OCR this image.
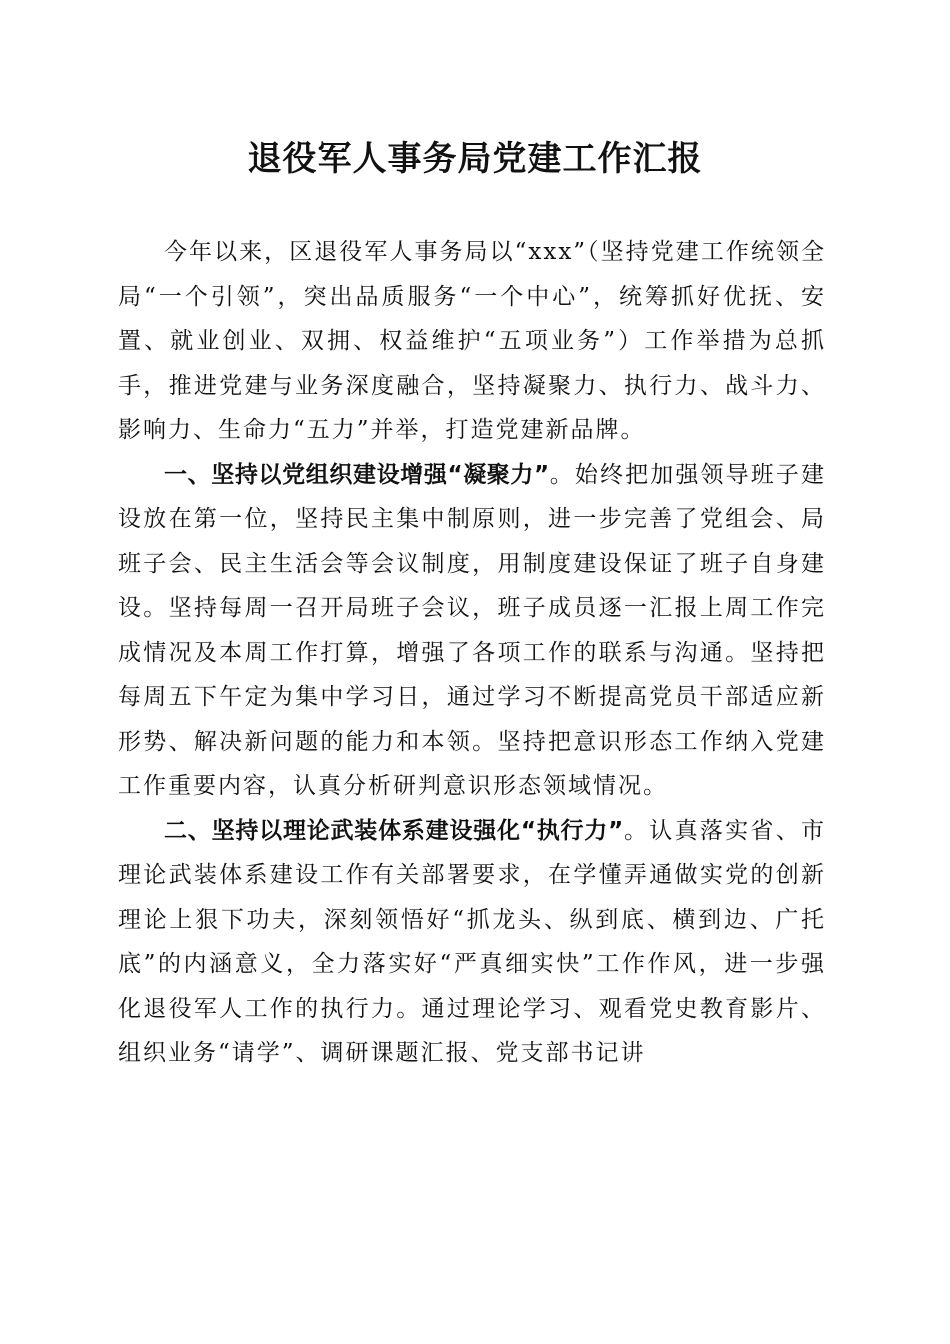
退役军人事务局党建工作汇报

今年以来，区退役军人事务局以“xxx”（坚持党建工作统领全局“一个引领”，突出品质服务“一个中心”，统筹抓好优抚、安置、就业创业、双拥、权益维护“五项业务”）工作举措为总抓手，推进党建与业务深度融合，坚持凝聚力、执行力、战斗力、影响力、生命力“五力”并举，打造党建新品牌。

一、坚持以党组织建设增强“凝聚力”。始终把加强领导班子建设放在第一位，坚持民主集中制原则，进一步完善了党组会、局班子会、民主生活会等会议制度，用制度建设保证了班子自身建设。坚持每周一召开局班子会议，班子成员逐一汇报上周工作完成情况及本周工作打算，增强了各项工作的联系与沟通。坚持把每周五下午定为集中学习日，通过学习不断提高党员干部适应新形势、解决新问题的能力和本领。坚持把意识形态工作纳入党建工作重要内容，认真分析研判意识形态领域情况。

二、坚持以理论武装体系建设强化“执行力”。认真落实省、市理论武装体系建设工作有关部署要求，在学懂弄通做实党的创新理论上狠下功夫，深刻领悟好“抓龙头、纵到底、横到边、广托底”的内涵意义，全力落实好“严真细实快”工作作风，进一步强化退役军人工作的执行力。通过理论学习、观看党史教育影片、组织业务“请学”、调研课题汇报、党支部书记讲
